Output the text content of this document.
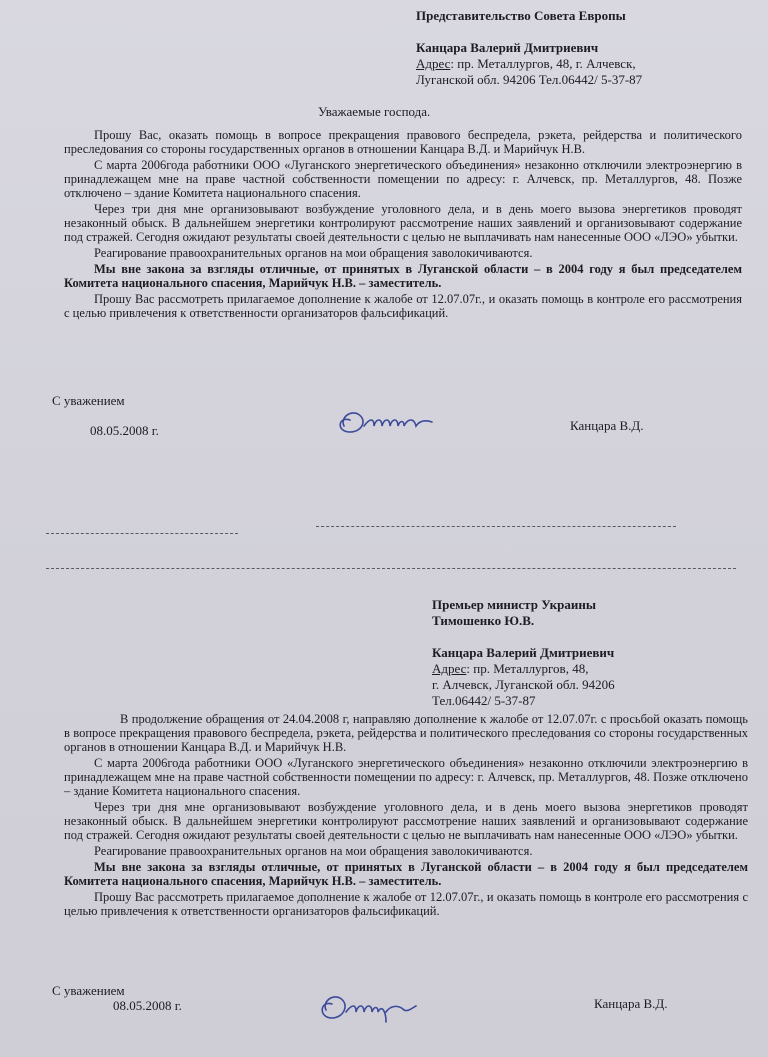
Представительство Совета Европы
Канцара Валерий Дмитриевич
Адрес: пр. Металлургов, 48, г. Алчевск,
Луганской обл. 94206 Тел.06442/ 5-37-87
Уважаемые господа.

Прошу Вас, оказать помощь в вопросе прекращения правового беспредела, рэкета, рейдерства и политического преследования со стороны государственных органов в отношении Канцара В.Д. и Марийчук Н.В.

С марта 2006года работники ООО «Луганского энергетического объединения» незаконно отключили электроэнергию в принадлежащем мне на праве частной собственности помещении по адресу: г. Алчевск, пр. Металлургов, 48. Позже отключено – здание Комитета национального спасения.

Через три дня мне организовывают возбуждение уголовного дела, и в день моего вызова энергетиков проводят незаконный обыск. В дальнейшем энергетики контролируют рассмотрение наших заявлений и организовывают содержание под стражей. Сегодня ожидают результаты своей деятельности с целью не выплачивать нам нанесенные ООО «ЛЭО» убытки.

Реагирование правоохранительных органов на мои обращения заволокичиваются.

Мы вне закона за взгляды отличные, от принятых в Луганской области – в 2004 году я был председателем Комитета национального спасения, Марийчук Н.В. – заместитель.

Прошу Вас рассмотреть прилагаемое дополнение к жалобе от 12.07.07г., и оказать помощь в контроле его рассмотрения с целью привлечения к ответственности организаторов фальсификаций.

С уважением
08.05.2008 г.	Канцара В.Д.
Премьер министр Украины
Тимошенко Ю.В.
Канцара Валерий Дмитриевич
Адрес: пр. Металлургов, 48,
г. Алчевск, Луганской обл. 94206
Тел.06442/ 5-37-87

В продолжение обращения от 24.04.2008 г, направляю дополнение к жалобе от 12.07.07г. с просьбой оказать помощь в вопросе прекращения правового беспредела, рэкета, рейдерства и политического преследования со стороны государственных органов в отношении Канцара В.Д. и Марийчук Н.В.

С марта 2006года работники ООО «Луганского энергетического объединения» незаконно отключили электроэнергию в принадлежащем мне на праве частной собственности помещении по адресу: г. Алчевск, пр. Металлургов, 48. Позже отключено – здание Комитета национального спасения.

Через три дня мне организовывают возбуждение уголовного дела, и в день моего вызова энергетиков проводят незаконный обыск. В дальнейшем энергетики контролируют рассмотрение наших заявлений и организовывают содержание под стражей. Сегодня ожидают результаты своей деятельности с целью не выплачивать нам нанесенные ООО «ЛЭО» убытки.

Реагирование правоохранительных органов на мои обращения заволокичиваются.

Мы вне закона за взгляды отличные, от принятых в Луганской области – в 2004 году я был председателем Комитета национального спасения, Марийчук Н.В. – заместитель.

Прошу Вас рассмотреть прилагаемое дополнение к жалобе от 12.07.07г., и оказать помощь в контроле его рассмотрения с целью привлечения к ответственности организаторов фальсификаций.

С уважением
08.05.2008 г.	Канцара В.Д.
